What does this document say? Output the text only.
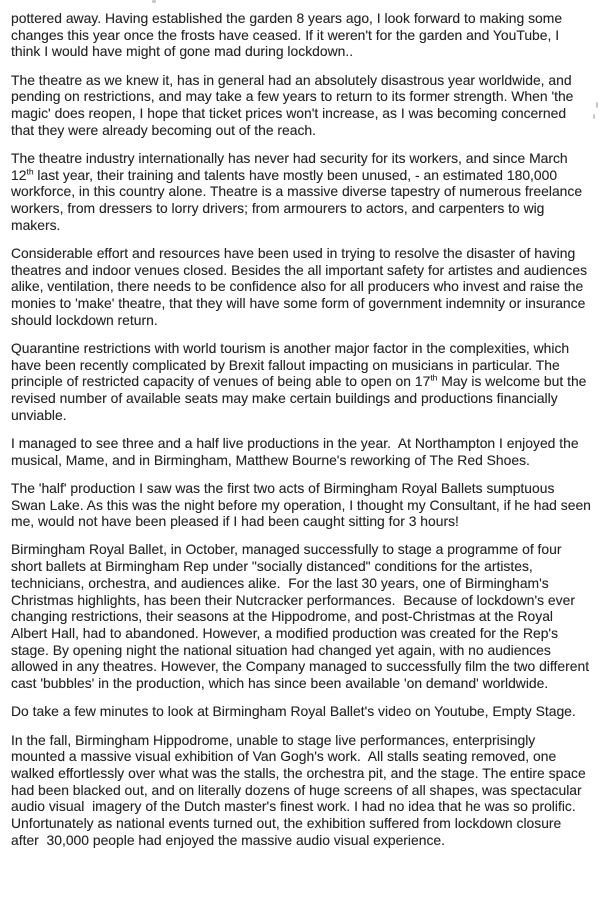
pottered away. Having established the garden 8 years ago, I look forward to making some changes this year once the frosts have ceased. If it weren't for the garden and YouTube, I think I would have might of gone mad during lockdown..

The theatre as we knew it, has in general had an absolutely disastrous year worldwide, and pending on restrictions, and may take a few years to return to its former strength. When 'the magic' does reopen, I hope that ticket prices won't increase, as I was becoming concerned that they were already becoming out of the reach.

The theatre industry internationally has never had security for its workers, and since March 12th last year, their training and talents have mostly been unused, - an estimated 180,000 workforce, in this country alone. Theatre is a massive diverse tapestry of numerous freelance workers, from dressers to lorry drivers; from armourers to actors, and carpenters to wig makers.

Considerable effort and resources have been used in trying to resolve the disaster of having theatres and indoor venues closed. Besides the all important safety for artistes and audiences alike, ventilation, there needs to be confidence also for all producers who invest and raise the monies to 'make' theatre, that they will have some form of government indemnity or insurance should lockdown return.

Quarantine restrictions with world tourism is another major factor in the complexities, which have been recently complicated by Brexit fallout impacting on musicians in particular. The principle of restricted capacity of venues of being able to open on 17th May is welcome but the revised number of available seats may make certain buildings and productions financially unviable.

I managed to see three and a half live productions in the year.  At Northampton I enjoyed the musical, Mame, and in Birmingham, Matthew Bourne's reworking of The Red Shoes.

The 'half' production I saw was the first two acts of Birmingham Royal Ballets sumptuous Swan Lake. As this was the night before my operation, I thought my Consultant, if he had seen me, would not have been pleased if I had been caught sitting for 3 hours!

Birmingham Royal Ballet, in October, managed successfully to stage a programme of four short ballets at Birmingham Rep under "socially distanced" conditions for the artistes, technicians, orchestra, and audiences alike.  For the last 30 years, one of Birmingham's Christmas highlights, has been their Nutcracker performances.  Because of lockdown's ever changing restrictions, their seasons at the Hippodrome, and post-Christmas at the Royal Albert Hall, had to abandoned. However, a modified production was created for the Rep's stage. By opening night the national situation had changed yet again, with no audiences allowed in any theatres. However, the Company managed to successfully film the two different cast 'bubbles' in the production, which has since been available 'on demand' worldwide.

Do take a few minutes to look at Birmingham Royal Ballet's video on Youtube, Empty Stage.

In the fall, Birmingham Hippodrome, unable to stage live performances, enterprisingly mounted a massive visual exhibition of Van Gogh's work.  All stalls seating removed, one walked effortlessly over what was the stalls, the orchestra pit, and the stage. The entire space had been blacked out, and on literally dozens of huge screens of all shapes, was spectacular audio visual  imagery of the Dutch master's finest work. I had no idea that he was so prolific. Unfortunately as national events turned out, the exhibition suffered from lockdown closure  after  30,000 people had enjoyed the massive audio visual experience.
